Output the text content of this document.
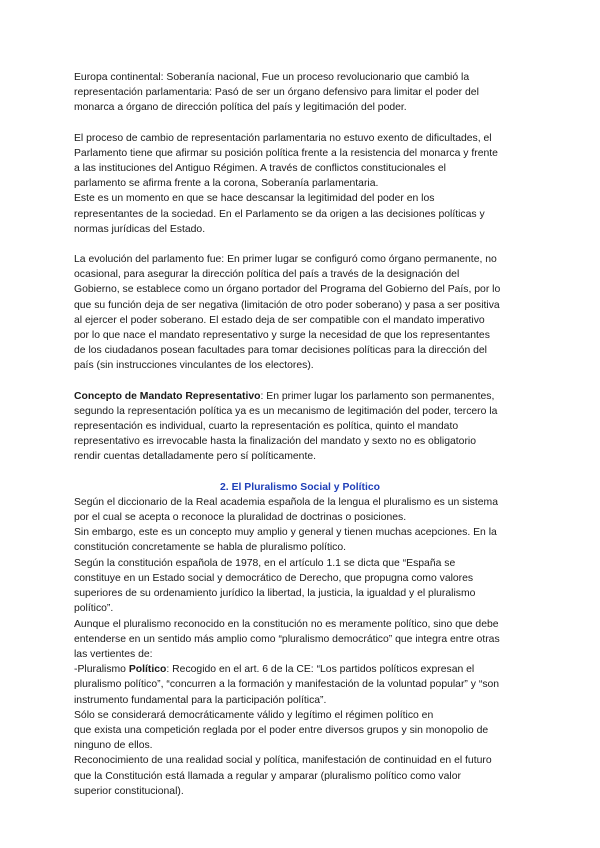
Europa continental: Soberanía nacional, Fue un proceso revolucionario que cambió la
representación parlamentaria: Pasó de ser un órgano defensivo para limitar el poder del
monarca a órgano de dirección política del país y legitimación del poder.
El proceso de cambio de representación parlamentaria no estuvo exento de dificultades, el
Parlamento tiene que afirmar su posición política frente a la resistencia del monarca y frente
a las instituciones del Antiguo Régimen. A través de conflictos constitucionales el
parlamento se afirma frente a la corona, Soberanía parlamentaria.
Este es un momento en que se hace descansar la legitimidad del poder en los
representantes de la sociedad. En el Parlamento se da origen a las decisiones políticas y
normas jurídicas del Estado.
La evolución del parlamento fue: En primer lugar se configuró como órgano permanente, no
ocasional, para asegurar la dirección política del país a través de la designación del
Gobierno, se establece como un órgano portador del Programa del Gobierno del País, por lo
que su función deja de ser negativa (limitación de otro poder soberano) y pasa a ser positiva
al ejercer el poder soberano. El estado deja de ser compatible con el mandato imperativo
por lo que nace el mandato representativo y surge la necesidad de que los representantes
de los ciudadanos posean facultades para tomar decisiones políticas para la dirección del
país (sin instrucciones vinculantes de los electores).
Concepto de Mandato Representativo: En primer lugar los parlamento son permanentes,
segundo la representación política ya es un mecanismo de legitimación del poder, tercero la
representación es individual, cuarto la representación es política, quinto el mandato
representativo es irrevocable hasta la finalización del mandato y sexto no es obligatorio
rendir cuentas detalladamente pero sí políticamente.
2. El Pluralismo Social y Político
Según el diccionario de la Real academia española de la lengua el pluralismo es un sistema
por el cual se acepta o reconoce la pluralidad de doctrinas o posiciones.
Sin embargo, este es un concepto muy amplio y general y tienen muchas acepciones. En la
constitución concretamente se habla de pluralismo político.
Según la constitución española de 1978, en el artículo 1.1 se dicta que “España se
constituye en un Estado social y democrático de Derecho, que propugna como valores
superiores de su ordenamiento jurídico la libertad, la justicia, la igualdad y el pluralismo
político”.
Aunque el pluralismo reconocido en la constitución no es meramente político, sino que debe
entenderse en un sentido más amplio como “pluralismo democrático” que integra entre otras
las vertientes de:
-Pluralismo Político: Recogido en el art. 6 de la CE: “Los partidos políticos expresan el
pluralismo político”, “concurren a la formación y manifestación de la voluntad popular” y “son
instrumento fundamental para la participación política”.
Sólo se considerará democráticamente válido y legítimo el régimen político en
que exista una competición reglada por el poder entre diversos grupos y sin monopolio de
ninguno de ellos.
Reconocimiento de una realidad social y política, manifestación de continuidad en el futuro
que la Constitución está llamada a regular y amparar (pluralismo político como valor
superior constitucional).
